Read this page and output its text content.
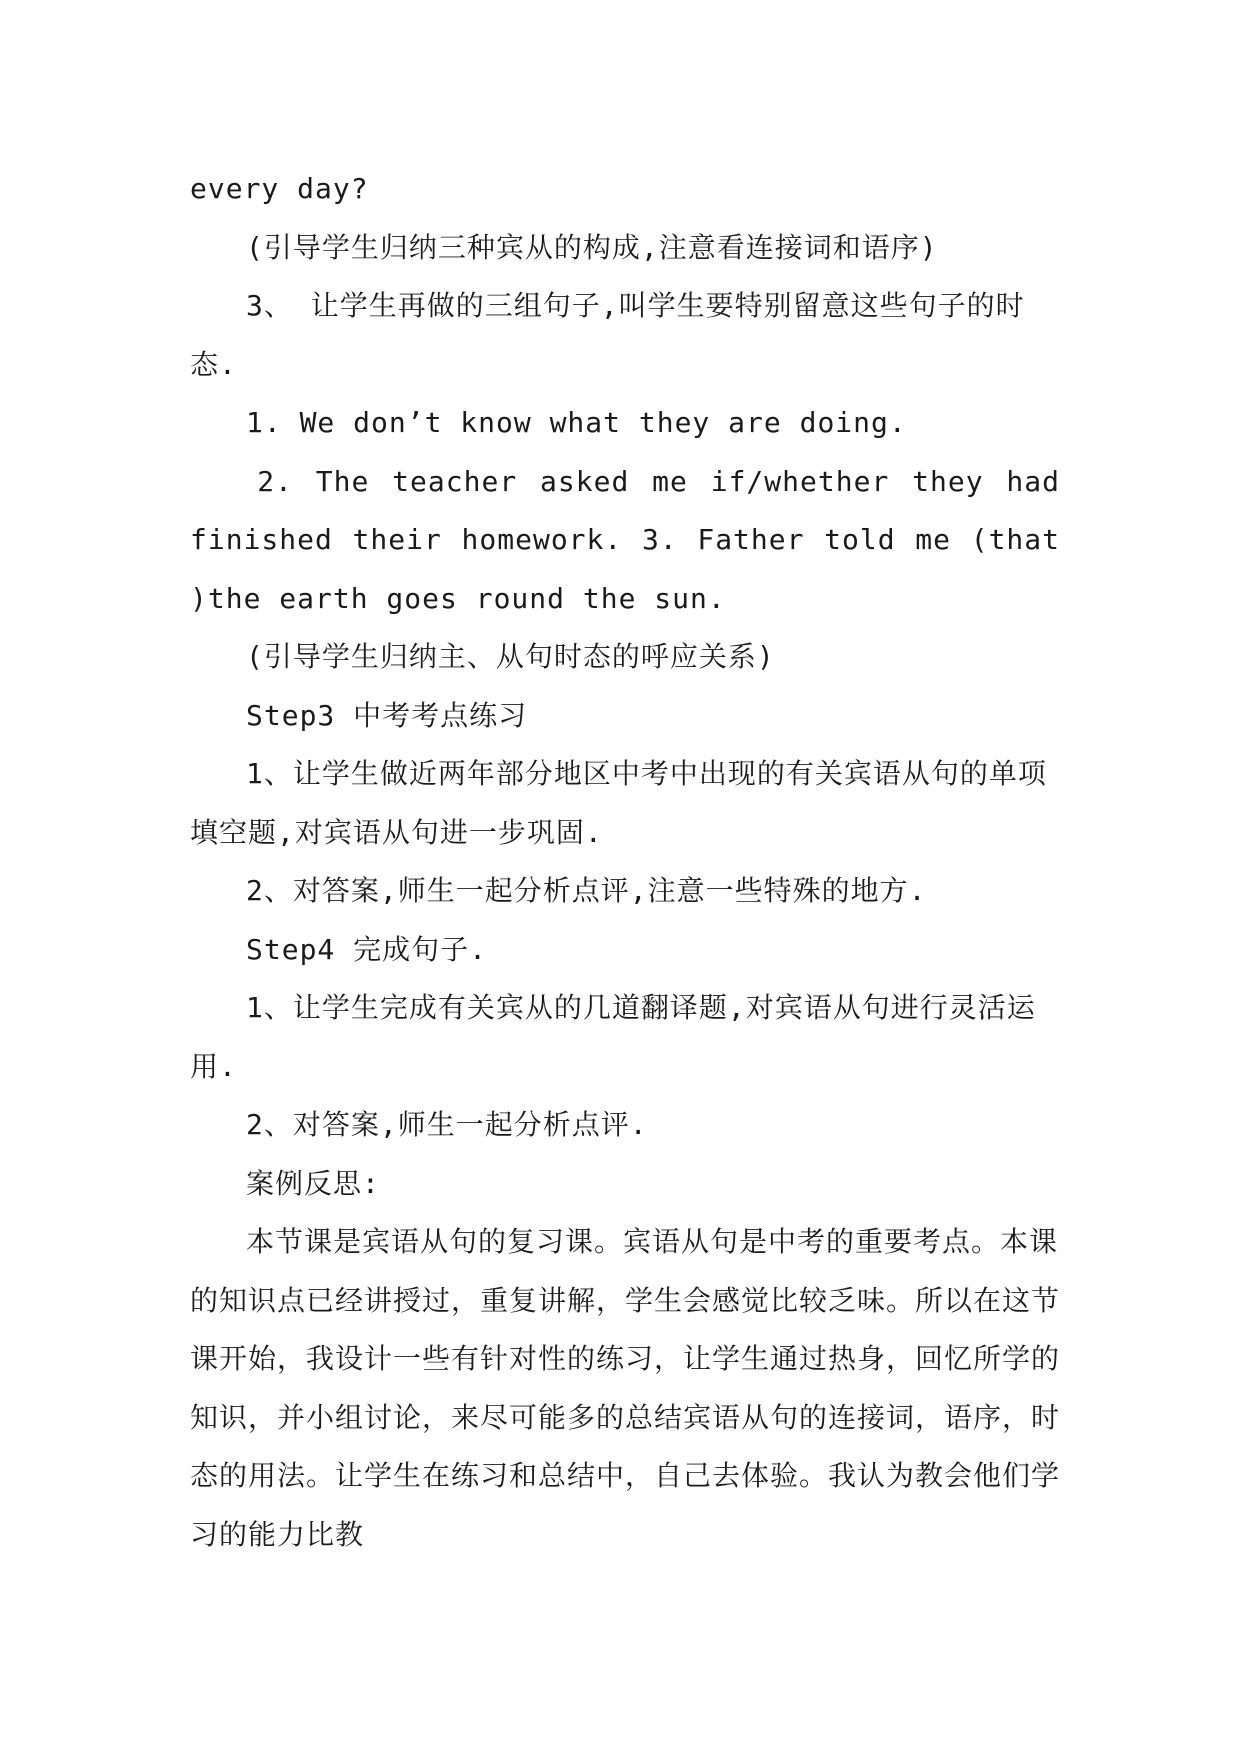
every day?

(引导学生归纳三种宾从的构成,注意看连接词和语序)

3、 让学生再做的三组句子,叫学生要特别留意这些句子的时态.

1. We don’t know what they are doing.

2. The teacher asked me if/whether they had finished their homework. 3. Father told me (that )the earth goes round the sun.

(引导学生归纳主、从句时态的呼应关系)

Step3 中考考点练习

1、让学生做近两年部分地区中考中出现的有关宾语从句的单项填空题,对宾语从句进一步巩固.

2、对答案,师生一起分析点评,注意一些特殊的地方.

Step4 完成句子.

1、让学生完成有关宾从的几道翻译题,对宾语从句进行灵活运用.

2、对答案,师生一起分析点评.

案例反思:

本节课是宾语从句的复习课。宾语从句是中考的重要考点。本课的知识点已经讲授过，重复讲解，学生会感觉比较乏味。所以在这节课开始，我设计一些有针对性的练习，让学生通过热身，回忆所学的知识，并小组讨论，来尽可能多的总结宾语从句的连接词，语序，时态的用法。让学生在练习和总结中，自己去体验。我认为教会他们学习的能力比教
